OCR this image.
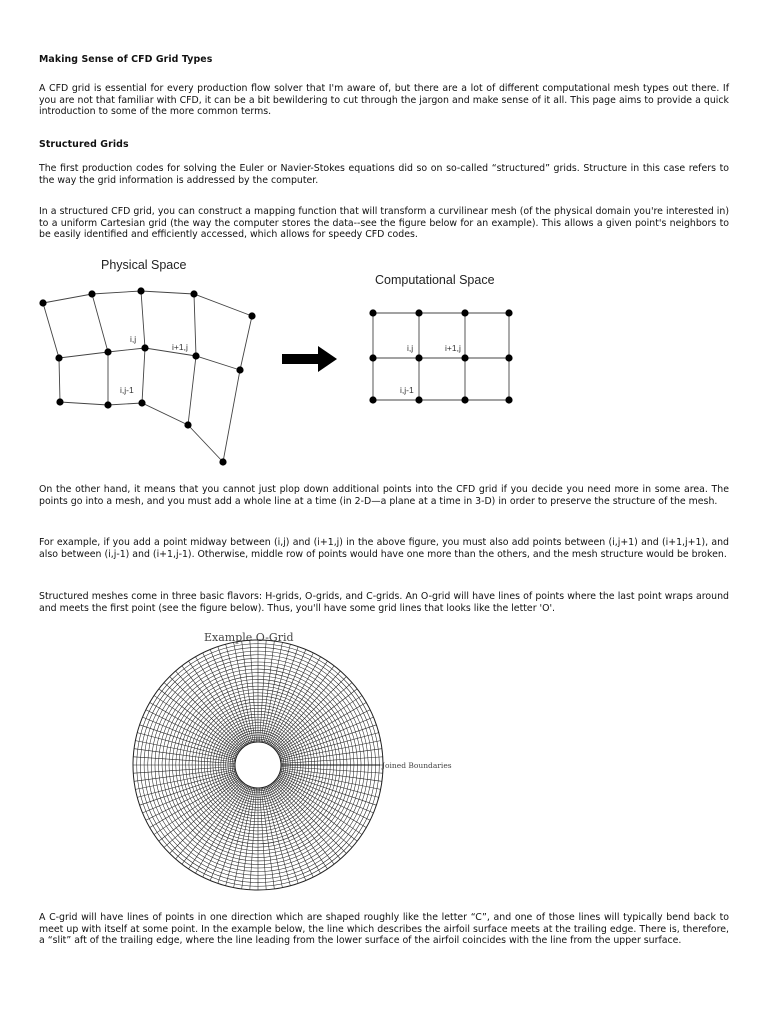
Making Sense of CFD Grid Types

A CFD grid is essential for every production flow solver that I'm aware of, but there are a lot of different computational mesh types out there. If you are not that familiar with CFD, it can be a bit bewildering to cut through the jargon and make sense of it all. This page aims to provide a quick introduction to some of the more common terms.

Structured Grids

The first production codes for solving the Euler or Navier-Stokes equations did so on so-called “structured” grids. Structure in this case refers to the way the grid information is addressed by the computer.

In a structured CFD grid, you can construct a mapping function that will transform a curvilinear mesh (of the physical domain you're interested in) to a uniform Cartesian grid (the way the computer stores the data--see the figure below for an example). This allows a given point's neighbors to be easily identified and efficiently accessed, which allows for speedy CFD codes.

Physical Space
i,j
i+1,j
i,j-1
Computational Space
i,j	i+1,j
i,j-1

On the other hand, it means that you cannot just plop down additional points into the CFD grid if you decide you need more in some area. The points go into a mesh, and you must add a whole line at a time (in 2-D—a plane at a time in 3-D) in order to preserve the structure of the mesh.

For example, if you add a point midway between (i,j) and (i+1,j) in the above figure, you must also add points between (i,j+1) and (i+1,j+1), and also between (i,j-1) and (i+1,j-1). Otherwise, middle row of points would have one more than the others, and the mesh structure would be broken.

Structured meshes come in three basic flavors: H-grids, O-grids, and C-grids. An O-grid will have lines of points where the last point wraps around and meets the first point (see the figure below). Thus, you'll have some grid lines that looks like the letter 'O'.

Example O-Grid
Joined Boundaries

A C-grid will have lines of points in one direction which are shaped roughly like the letter “C”, and one of those lines will typically bend back to meet up with itself at some point. In the example below, the line which describes the airfoil surface meets at the trailing edge. There is, therefore, a “slit” aft of the trailing edge, where the line leading from the lower surface of the airfoil coincides with the line from the upper surface.
